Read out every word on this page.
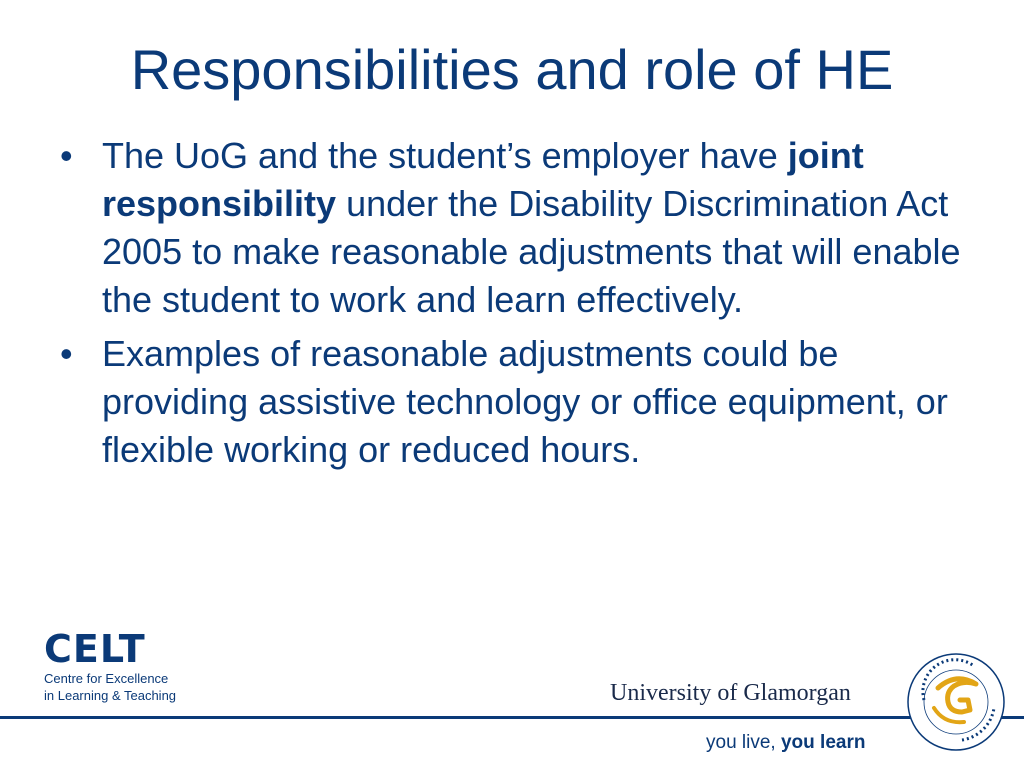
Responsibilities and role of HE
• The UoG and the student’s employer have joint responsibility under the Disability Discrimination Act 2005 to make reasonable adjustments that will enable the student to work and learn effectively.
• Examples of reasonable adjustments could be providing assistive technology or office equipment, or flexible working or reduced hours.
CELT
Centre for Excellence
in Learning & Teaching	University of Glamorgan
you live, you learn
